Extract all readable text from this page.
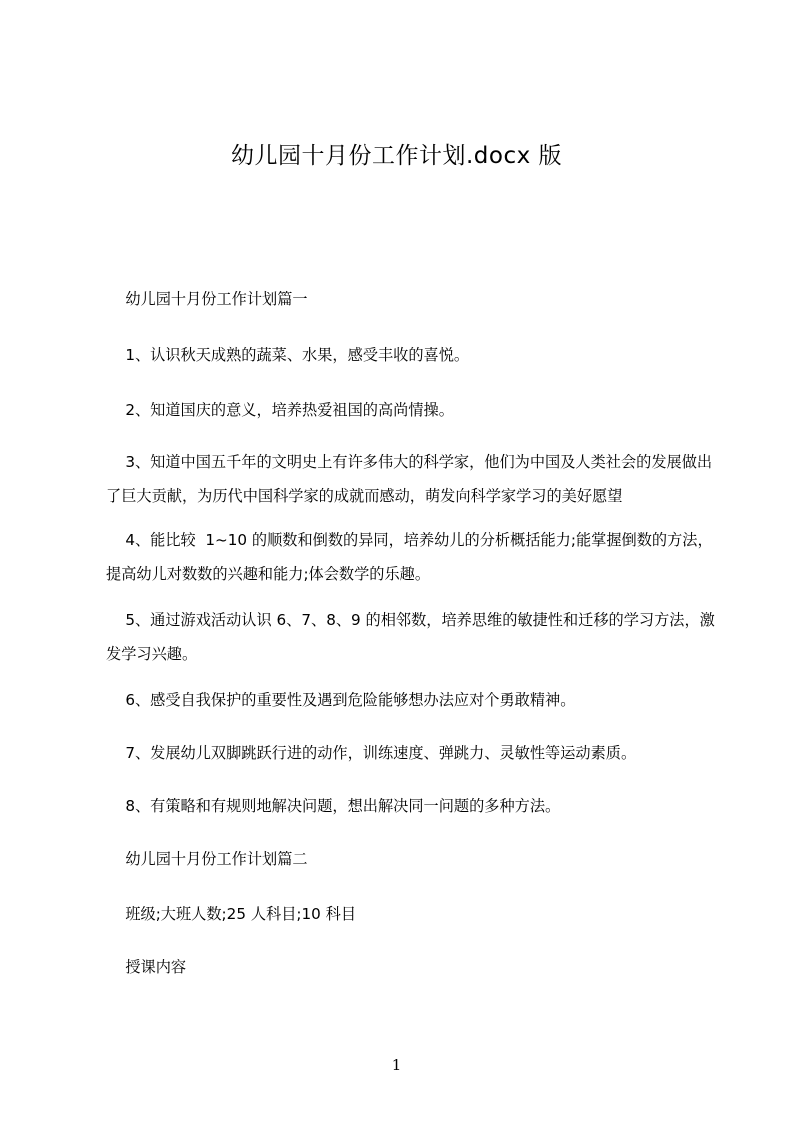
幼儿园十月份工作计划.docx 版

幼儿园十月份工作计划篇一

1、认识秋天成熟的蔬菜、水果，感受丰收的喜悦。

2、知道国庆的意义，培养热爱祖国的高尚情操。

3、知道中国五千年的文明史上有许多伟大的科学家，他们为中国及人类社会的发展做出了巨大贡献，为历代中国科学家的成就而感动，萌发向科学家学习的美好愿望

4、能比较  1~10 的顺数和倒数的异同，培养幼儿的分析概括能力;能掌握倒数的方法，提高幼儿对数数的兴趣和能力;体会数学的乐趣。

5、通过游戏活动认识 6、7、8、9 的相邻数，培养思维的敏捷性和迁移的学习方法，激发学习兴趣。

6、感受自我保护的重要性及遇到危险能够想办法应对个勇敢精神。

7、发展幼儿双脚跳跃行进的动作，训练速度、弹跳力、灵敏性等运动素质。

8、有策略和有规则地解决问题，想出解决同一问题的多种方法。

幼儿园十月份工作计划篇二

班级;大班人数;25 人科目;10 科目

授课内容

1
